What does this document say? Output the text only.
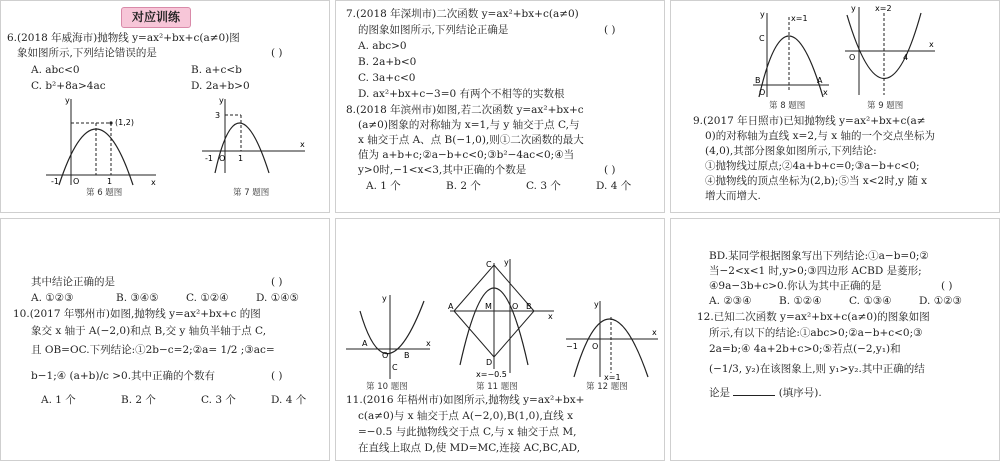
对应训练
6.(2018 年威海市)抛物线 y=ax²+bx+c(a≠0)图
象如图所示,下列结论错误的是	( )
A. abc<0	B. a+c<b
C. b²+8a>4ac	D. 2a+b>0
y
x
O
-1	1
(1,2)
第 6 题图
y
x
3
-1 O 1
第 7 题图
7.(2018 年深圳市)二次函数 y=ax²+bx+c(a≠0)
的图象如图所示,下列结论正确是	( )
A. abc>0
B. 2a+b<0
C. 3a+c<0
D. ax²+bx+c−3=0 有两个不相等的实数根
8.(2018 年滨州市)如图,若二次函数 y=ax²+bx+c
(a≠0)图象的对称轴为 x=1,与 y 轴交于点 C,与
x 轴交于点 A、点 B(−1,0),则①二次函数的最大
值为 a+b+c;②a−b+c<0;③b²−4ac<0;④当
y>0时,−1<x<3,其中正确的个数是	( )
A. 1 个	B. 2 个	C. 3 个	D. 4 个
y	x=1
C
B
O
A
x
第 8 题图
y x=2
O	4
x
第 9 题图
9.(2017 年日照市)已知抛物线 y=ax²+bx+c(a≠
0)的对称轴为直线 x=2,与 x 轴的一个交点坐标为
(4,0),其部分图象如图所示,下列结论:
①抛物线过原点;②4a+b+c=0;③a−b+c<0;
④抛物线的顶点坐标为(2,b);⑤当 x<2时,y 随 x
增大而增大.
其中结论正确的是	( )
A. ①②③	B. ③④⑤	C. ①②④	D. ①④⑤
10.(2017 年鄂州市)如图,抛物线 y=ax²+bx+c 的图
象交 x 轴于 A(−2,0)和点 B,交 y 轴负半轴于点 C,
且 OB=OC.下列结论:①2b−c=2;②a= 1/2 ;③ac=
b−1;④ (a+b)/c >0.其中正确的个数有	( )
A. 1 个	B. 2 个	C. 3 个	D. 4 个
y
A
O B
C
x
第 10 题图
y
C
A	M	O B
D
x
x=−0.5
第 11 题图
y
−1 O
x
x=1
第 12 题图
11.(2016 年梧州市)如图所示,抛物线 y=ax²+bx+
c(a≠0)与 x 轴交于点 A(−2,0),B(1,0),直线 x
=−0.5 与此抛物线交于点 C,与 x 轴交于点 M,
在直线上取点 D,使 MD=MC,连接 AC,BC,AD,
BD.某同学根据图象写出下列结论:①a−b=0;②
当−2<x<1 时,y>0;③四边形 ACBD 是菱形;
④9a−3b+c>0.你认为其中正确的是	( )
A. ②③④	B. ①②④	C. ①③④	D. ①②③
12.已知二次函数 y=ax²+bx+c(a≠0)的图象如图
所示,有以下的结论:①abc>0;②a−b+c<0;③
2a=b;④ 4a+2b+c>0;⑤若点(−2,y₁)和
(−1/3, y₂)在该图象上,则 y₁>y₂.其中正确的结
论是	(填序号).
